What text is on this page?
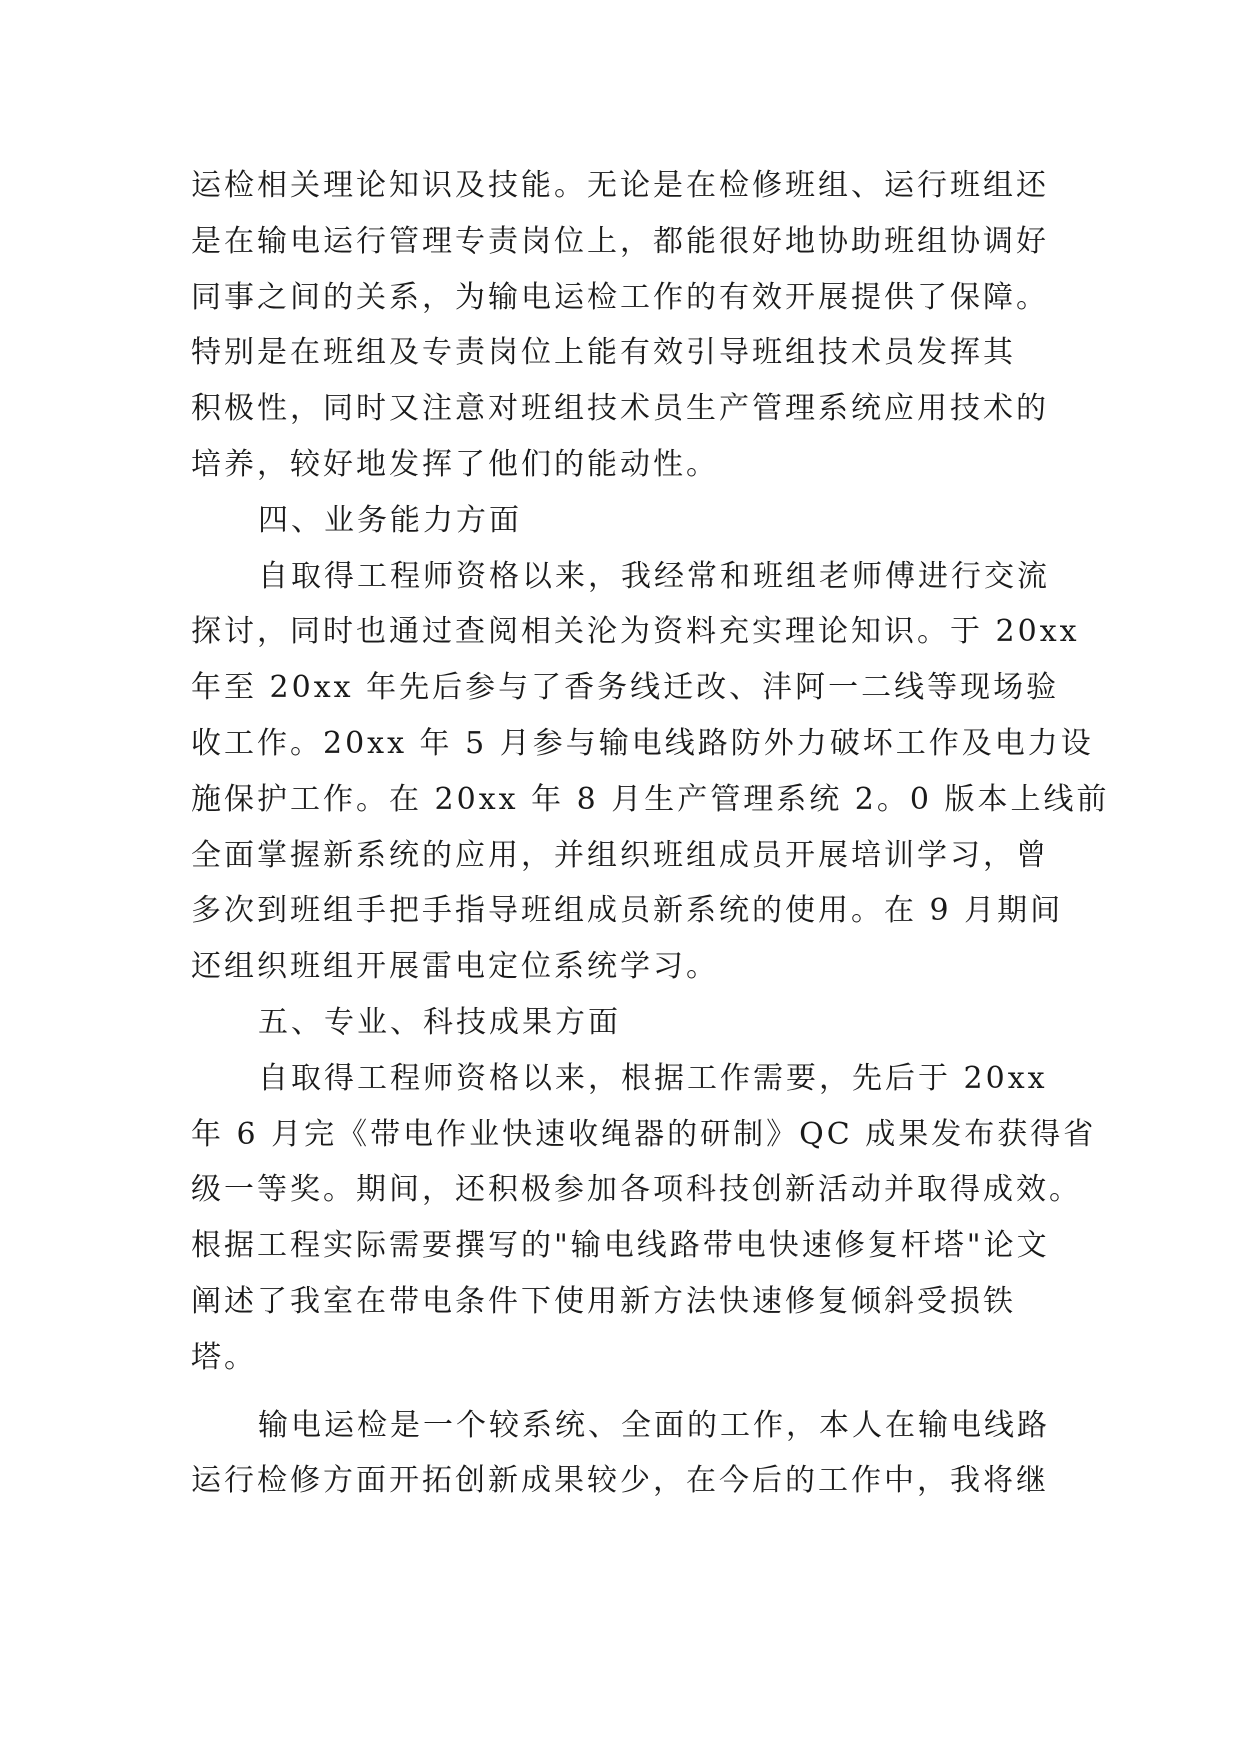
运检相关理论知识及技能。无论是在检修班组、运行班组还
是在输电运行管理专责岗位上，都能很好地协助班组协调好
同事之间的关系，为输电运检工作的有效开展提供了保障。
特别是在班组及专责岗位上能有效引导班组技术员发挥其
积极性，同时又注意对班组技术员生产管理系统应用技术的
培养，较好地发挥了他们的能动性。
四、业务能力方面
自取得工程师资格以来，我经常和班组老师傅进行交流
探讨，同时也通过查阅相关沦为资料充实理论知识。于 20xx
年至 20xx 年先后参与了香务线迁改、沣阿一二线等现场验
收工作。20xx 年 5 月参与输电线路防外力破坏工作及电力设
施保护工作。在 20xx 年 8 月生产管理系统 2。0 版本上线前
全面掌握新系统的应用，并组织班组成员开展培训学习，曾
多次到班组手把手指导班组成员新系统的使用。在 9 月期间
还组织班组开展雷电定位系统学习。
五、专业、科技成果方面
自取得工程师资格以来，根据工作需要，先后于 20xx
年 6 月完《带电作业快速收绳器的研制》QC 成果发布获得省
级一等奖。期间，还积极参加各项科技创新活动并取得成效。
根据工程实际需要撰写的"输电线路带电快速修复杆塔"论文
阐述了我室在带电条件下使用新方法快速修复倾斜受损铁
塔。
输电运检是一个较系统、全面的工作，本人在输电线路
运行检修方面开拓创新成果较少，在今后的工作中，我将继
